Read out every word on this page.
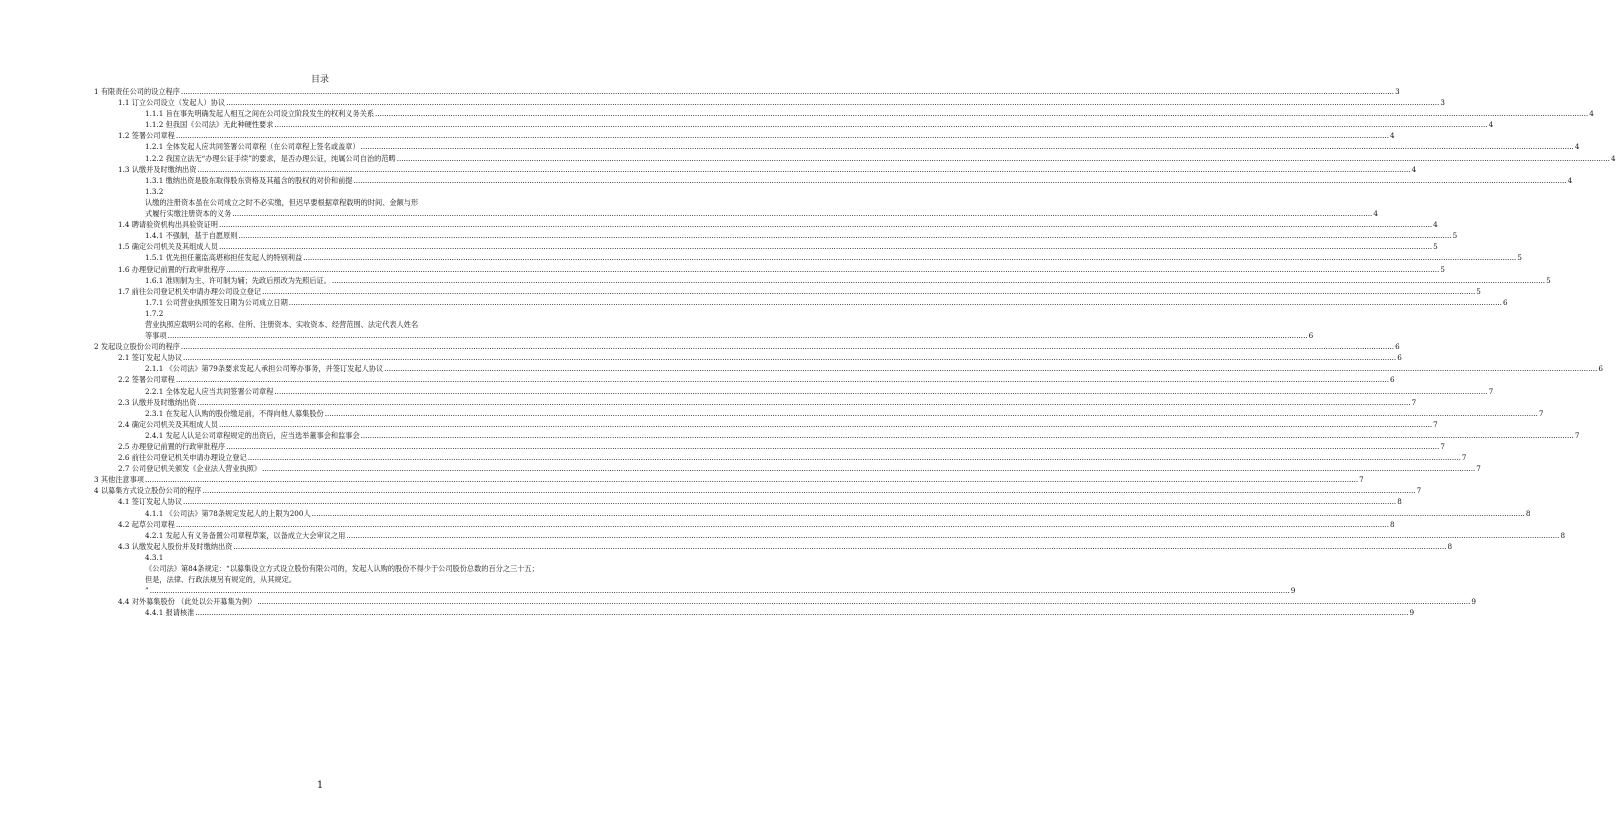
目录
1 有限责任公司的设立程序 .....	3
1.1 订立公司设立（发起人）协议 .....	3
1.1.1 旨在事先明确发起人相互之间在公司设立阶段发生的权利义务关系 .....	4
1.1.2 但我国《公司法》无此种硬性要求 .....	4
1.2 签署公司章程 .....	4
1.2.1 全体发起人应共同签署公司章程（在公司章程上签名或盖章） .....	4
1.2.2 我国立法无“办理公证手续”的要求，是否办理公证，纯属公司自治的范畴 .....	4
1.3 认缴并及时缴纳出资 .....	4
1.3.1 缴纳出资是股东取得股东资格及其蕴含的股权的对价和前提 .....	4
1.3.2
认缴的注册资本虽在公司成立之时不必实缴，但迟早要根据章程载明的时间、金额与形
式履行实缴注册资本的义务 .....	4
1.4 聘请验资机构出具验资证明 .....	4
1.4.1 不强制，基于自愿原则 .....	5
1.5 确定公司机关及其组成人员 .....	5
1.5.1 优先担任董监高堪称担任发起人的特别利益 .....	5
1.6 办理登记前置的行政审批程序 .....	5
1.6.1 准则制为主、许可制为辅；先政后照改为先照后证。 .....	5
1.7 前往公司登记机关申请办理公司设立登记 .....	5
1.7.1 公司营业执照签发日期为公司成立日期 .....	6
1.7.2
营业执照应载明公司的名称、住所、注册资本、实收资本、经营范围、法定代表人姓名
等事项 .....	6
2 发起设立股份公司的程序 .....	6
2.1 签订发起人协议 .....	6
2.1.1 《公司法》第79条要求发起人承担公司筹办事务，并签订发起人协议 .....	6
2.2 签署公司章程 .....	6
2.2.1 全体发起人应当共同签署公司章程 .....	7
2.3 认缴并及时缴纳出资 .....	7
2.3.1 在发起人认购的股份缴足前，不得向他人募集股份 .....	7
2.4 确定公司机关及其组成人员 .....	7
2.4.1 发起人认足公司章程规定的出资后，应当选举董事会和监事会 .....	7
2.5 办理登记前置的行政审批程序 .....	7
2.6 前往公司登记机关申请办理设立登记 .....	7
2.7 公司登记机关颁发《企业法人营业执照》 .....	7
3 其他注意事项 .....	7
4 以募集方式设立股份公司的程序 .....	7
4.1 签订发起人协议 .....	8
4.1.1 《公司法》第78条规定发起人的上限为200人 .....	8
4.2 起草公司章程 .....	8
4.2.1 发起人有义务备置公司章程草案，以备成立大会审议之用 .....	8
4.3 认缴发起人股份并及时缴纳出资 .....	8
4.3.1
《公司法》第84条规定：“以募集设立方式设立股份有限公司的，发起人认购的股份不得少于公司股份总数的百分之三十五；但是，法律、行政法规另有规定的，从其规定。
” .....	9
4.4 对外募集股份 （此处以公开募集为例） .....	9
4.4.1 报请核准 .....	9
1
